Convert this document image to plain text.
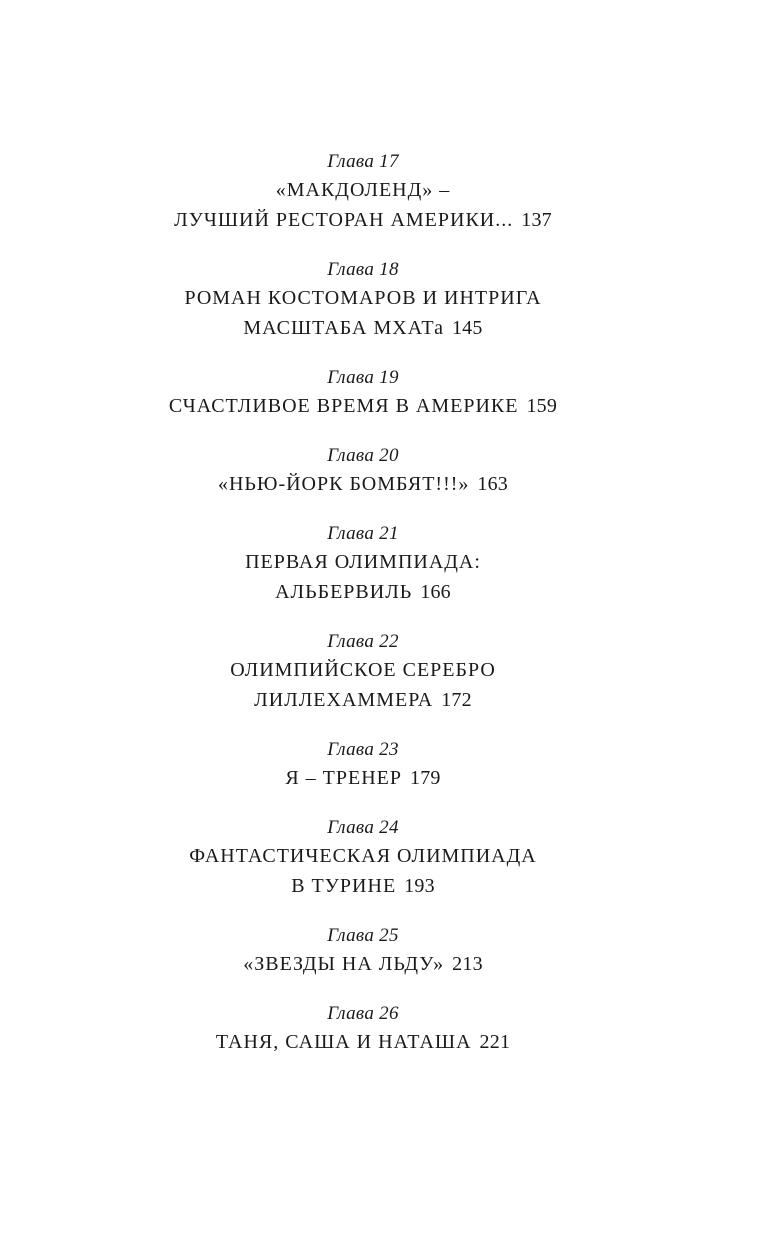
Глава 17
«МАКДОЛЕНД» –
ЛУЧШИЙ РЕСТОРАН АМЕРИКИ... 137
Глава 18
РОМАН КОСТОМАРОВ И ИНТРИГА
МАСШТАБА МХАТа 145
Глава 19
СЧАСТЛИВОЕ ВРЕМЯ В АМЕРИКЕ 159
Глава 20
«НЬЮ-ЙОРК БОМБЯТ!!!» 163
Глава 21
ПЕРВАЯ ОЛИМПИАДА:
АЛЬБЕРВИЛЬ 166
Глава 22
ОЛИМПИЙСКОЕ СЕРЕБРО
ЛИЛЛЕХАММЕРА 172
Глава 23
Я – ТРЕНЕР 179
Глава 24
ФАНТАСТИЧЕСКАЯ ОЛИМПИАДА
В ТУРИНЕ 193
Глава 25
«ЗВЕЗДЫ НА ЛЬДУ» 213
Глава 26
ТАНЯ, САША И НАТАША 221
